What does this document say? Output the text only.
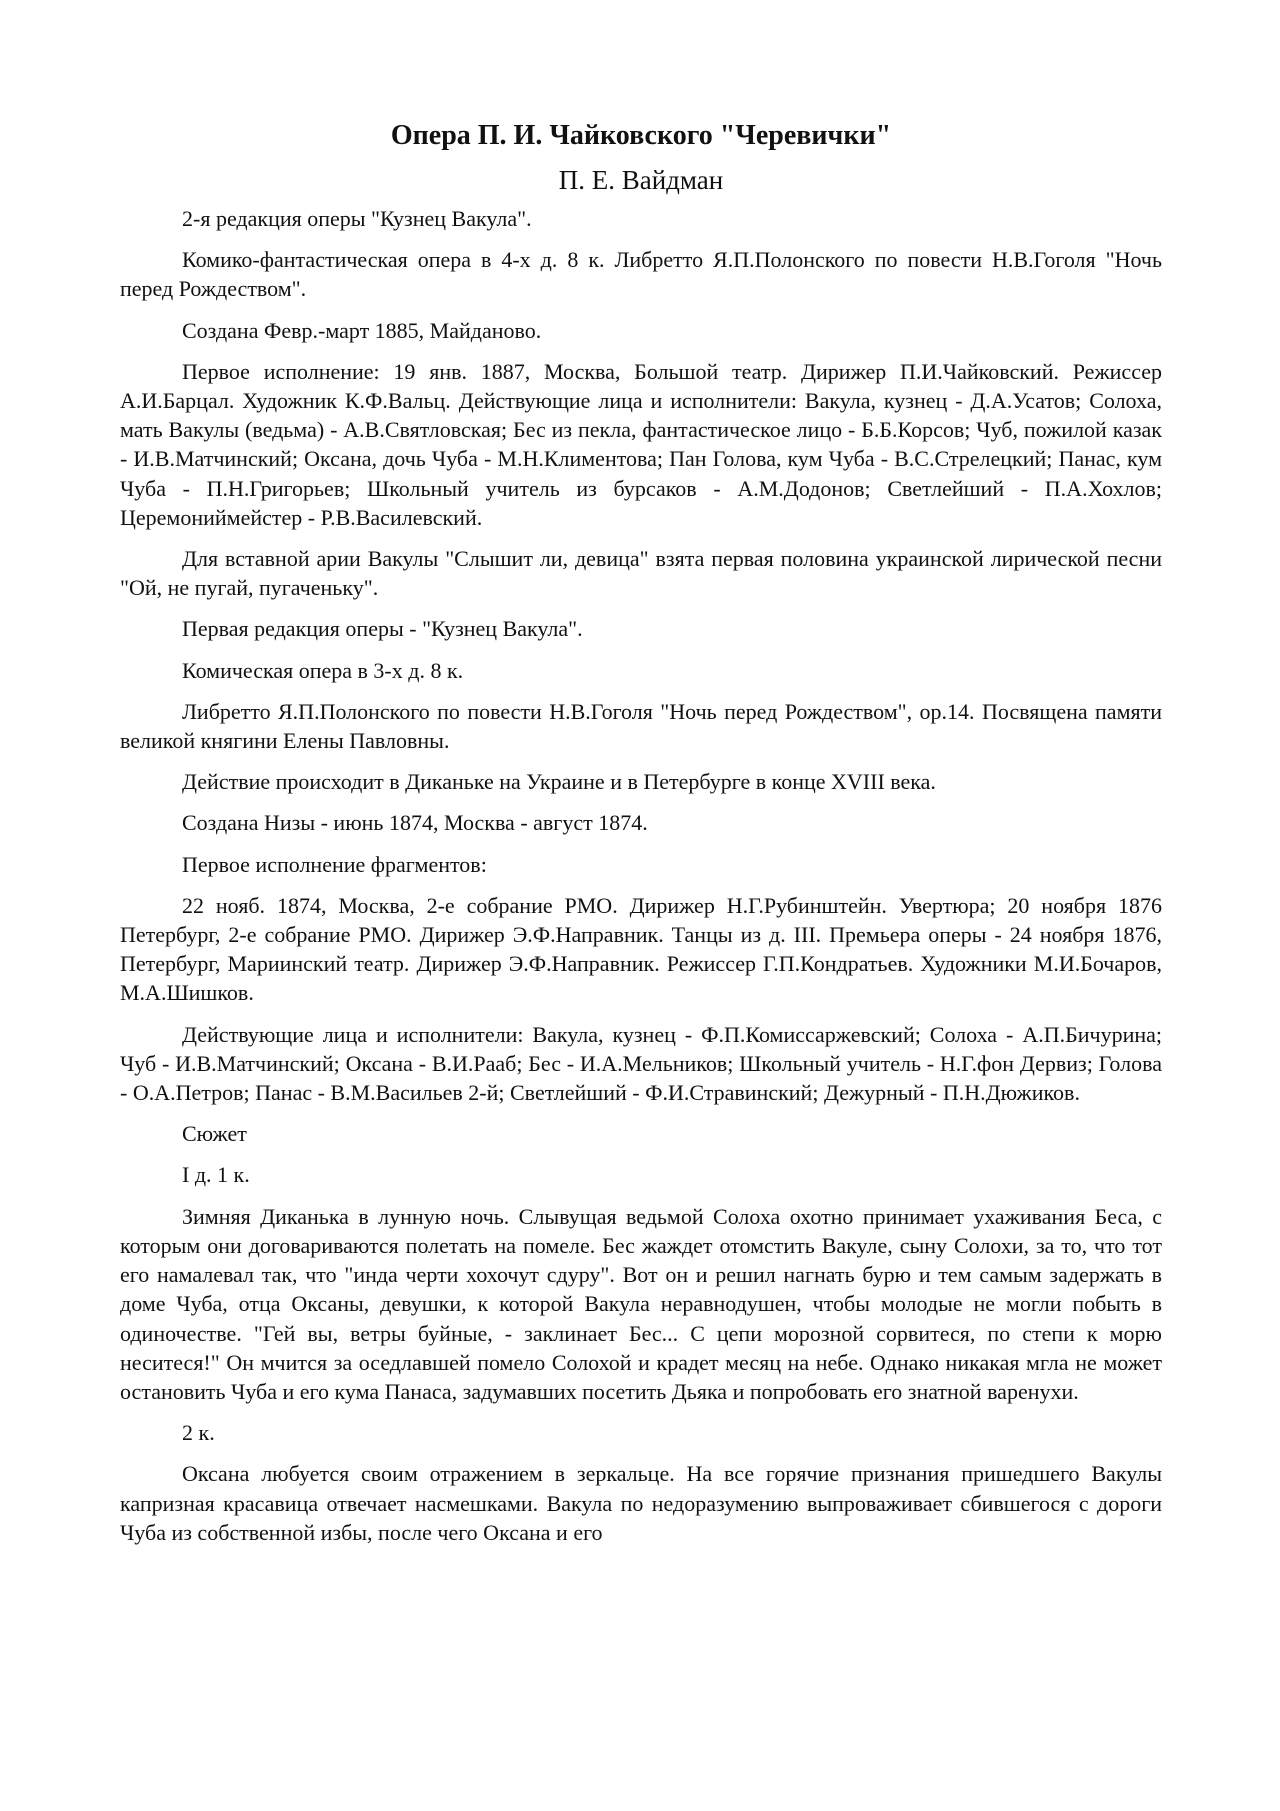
Опера П. И. Чайковского "Черевички"
П. Е. Вайдман

2-я редакция оперы "Кузнец Вакула".

Комико-фантастическая опера в 4-х д. 8 к. Либретто Я.П.Полонского по повести Н.В.Гоголя "Ночь перед Рождеством".

Создана Февр.-март 1885, Майданово.

Первое исполнение: 19 янв. 1887, Москва, Большой театр. Дирижер П.И.Чайковский. Режиссер А.И.Барцал. Художник К.Ф.Вальц. Действующие лица и исполнители: Вакула, кузнец - Д.А.Усатов; Солоха, мать Вакулы (ведьма) - А.В.Святловская; Бес из пекла, фантастическое лицо - Б.Б.Корсов; Чуб, пожилой казак - И.В.Матчинский; Оксана, дочь Чуба - М.Н.Климентова; Пан Голова, кум Чуба - В.С.Стрелецкий; Панас, кум Чуба - П.Н.Григорьев; Школьный учитель из бурсаков - А.М.Додонов; Светлейший - П.А.Хохлов; Церемониймейстер - Р.В.Василевский.

Для вставной арии Вакулы "Слышит ли, девица" взята первая половина украинской лирической песни "Ой, не пугай, пугаченьку".

Первая редакция оперы - "Кузнец Вакула".

Комическая опера в 3-х д. 8 к.

Либретто Я.П.Полонского по повести Н.В.Гоголя "Ночь перед Рождеством", ор.14. Посвящена памяти великой княгини Елены Павловны.

Действие происходит в Диканьке на Украине и в Петербурге в конце XVIII века.

Создана Низы - июнь 1874, Москва - август 1874.

Первое исполнение фрагментов:

22 нояб. 1874, Москва, 2-е собрание РМО. Дирижер Н.Г.Рубинштейн. Увертюра; 20 ноября 1876 Петербург, 2-е собрание РМО. Дирижер Э.Ф.Направник. Танцы из д. III. Премьера оперы - 24 ноября 1876, Петербург, Мариинский театр. Дирижер Э.Ф.Направник. Режиссер Г.П.Кондратьев. Художники М.И.Бочаров, М.А.Шишков.

Действующие лица и исполнители: Вакула, кузнец - Ф.П.Комиссаржевский; Солоха - А.П.Бичурина; Чуб - И.В.Матчинский; Оксана - В.И.Рааб; Бес - И.А.Мельников; Школьный учитель - Н.Г.фон Дервиз; Голова - О.А.Петров; Панас - В.М.Васильев 2-й; Светлейший - Ф.И.Стравинский; Дежурный - П.Н.Дюжиков.

Сюжет

I д. 1 к.

Зимняя Диканька в лунную ночь. Слывущая ведьмой Солоха охотно принимает ухаживания Беса, с которым они договариваются полетать на помеле. Бес жаждет отомстить Вакуле, сыну Солохи, за то, что тот его намалевал так, что "инда черти хохочут сдуру". Вот он и решил нагнать бурю и тем самым задержать в доме Чуба, отца Оксаны, девушки, к которой Вакула неравнодушен, чтобы молодые не могли побыть в одиночестве. "Гей вы, ветры буйные, - заклинает Бес... С цепи морозной сорвитеся, по степи к морю неситеся!" Он мчится за оседлавшей помело Солохой и крадет месяц на небе. Однако никакая мгла не может остановить Чуба и его кума Панаса, задумавших посетить Дьяка и попробовать его знатной варенухи.

2 к.

Оксана любуется своим отражением в зеркальце. На все горячие признания пришедшего Вакулы капризная красавица отвечает насмешками. Вакула по недоразумению выпроваживает сбившегося с дороги Чуба из собственной избы, после чего Оксана и его
